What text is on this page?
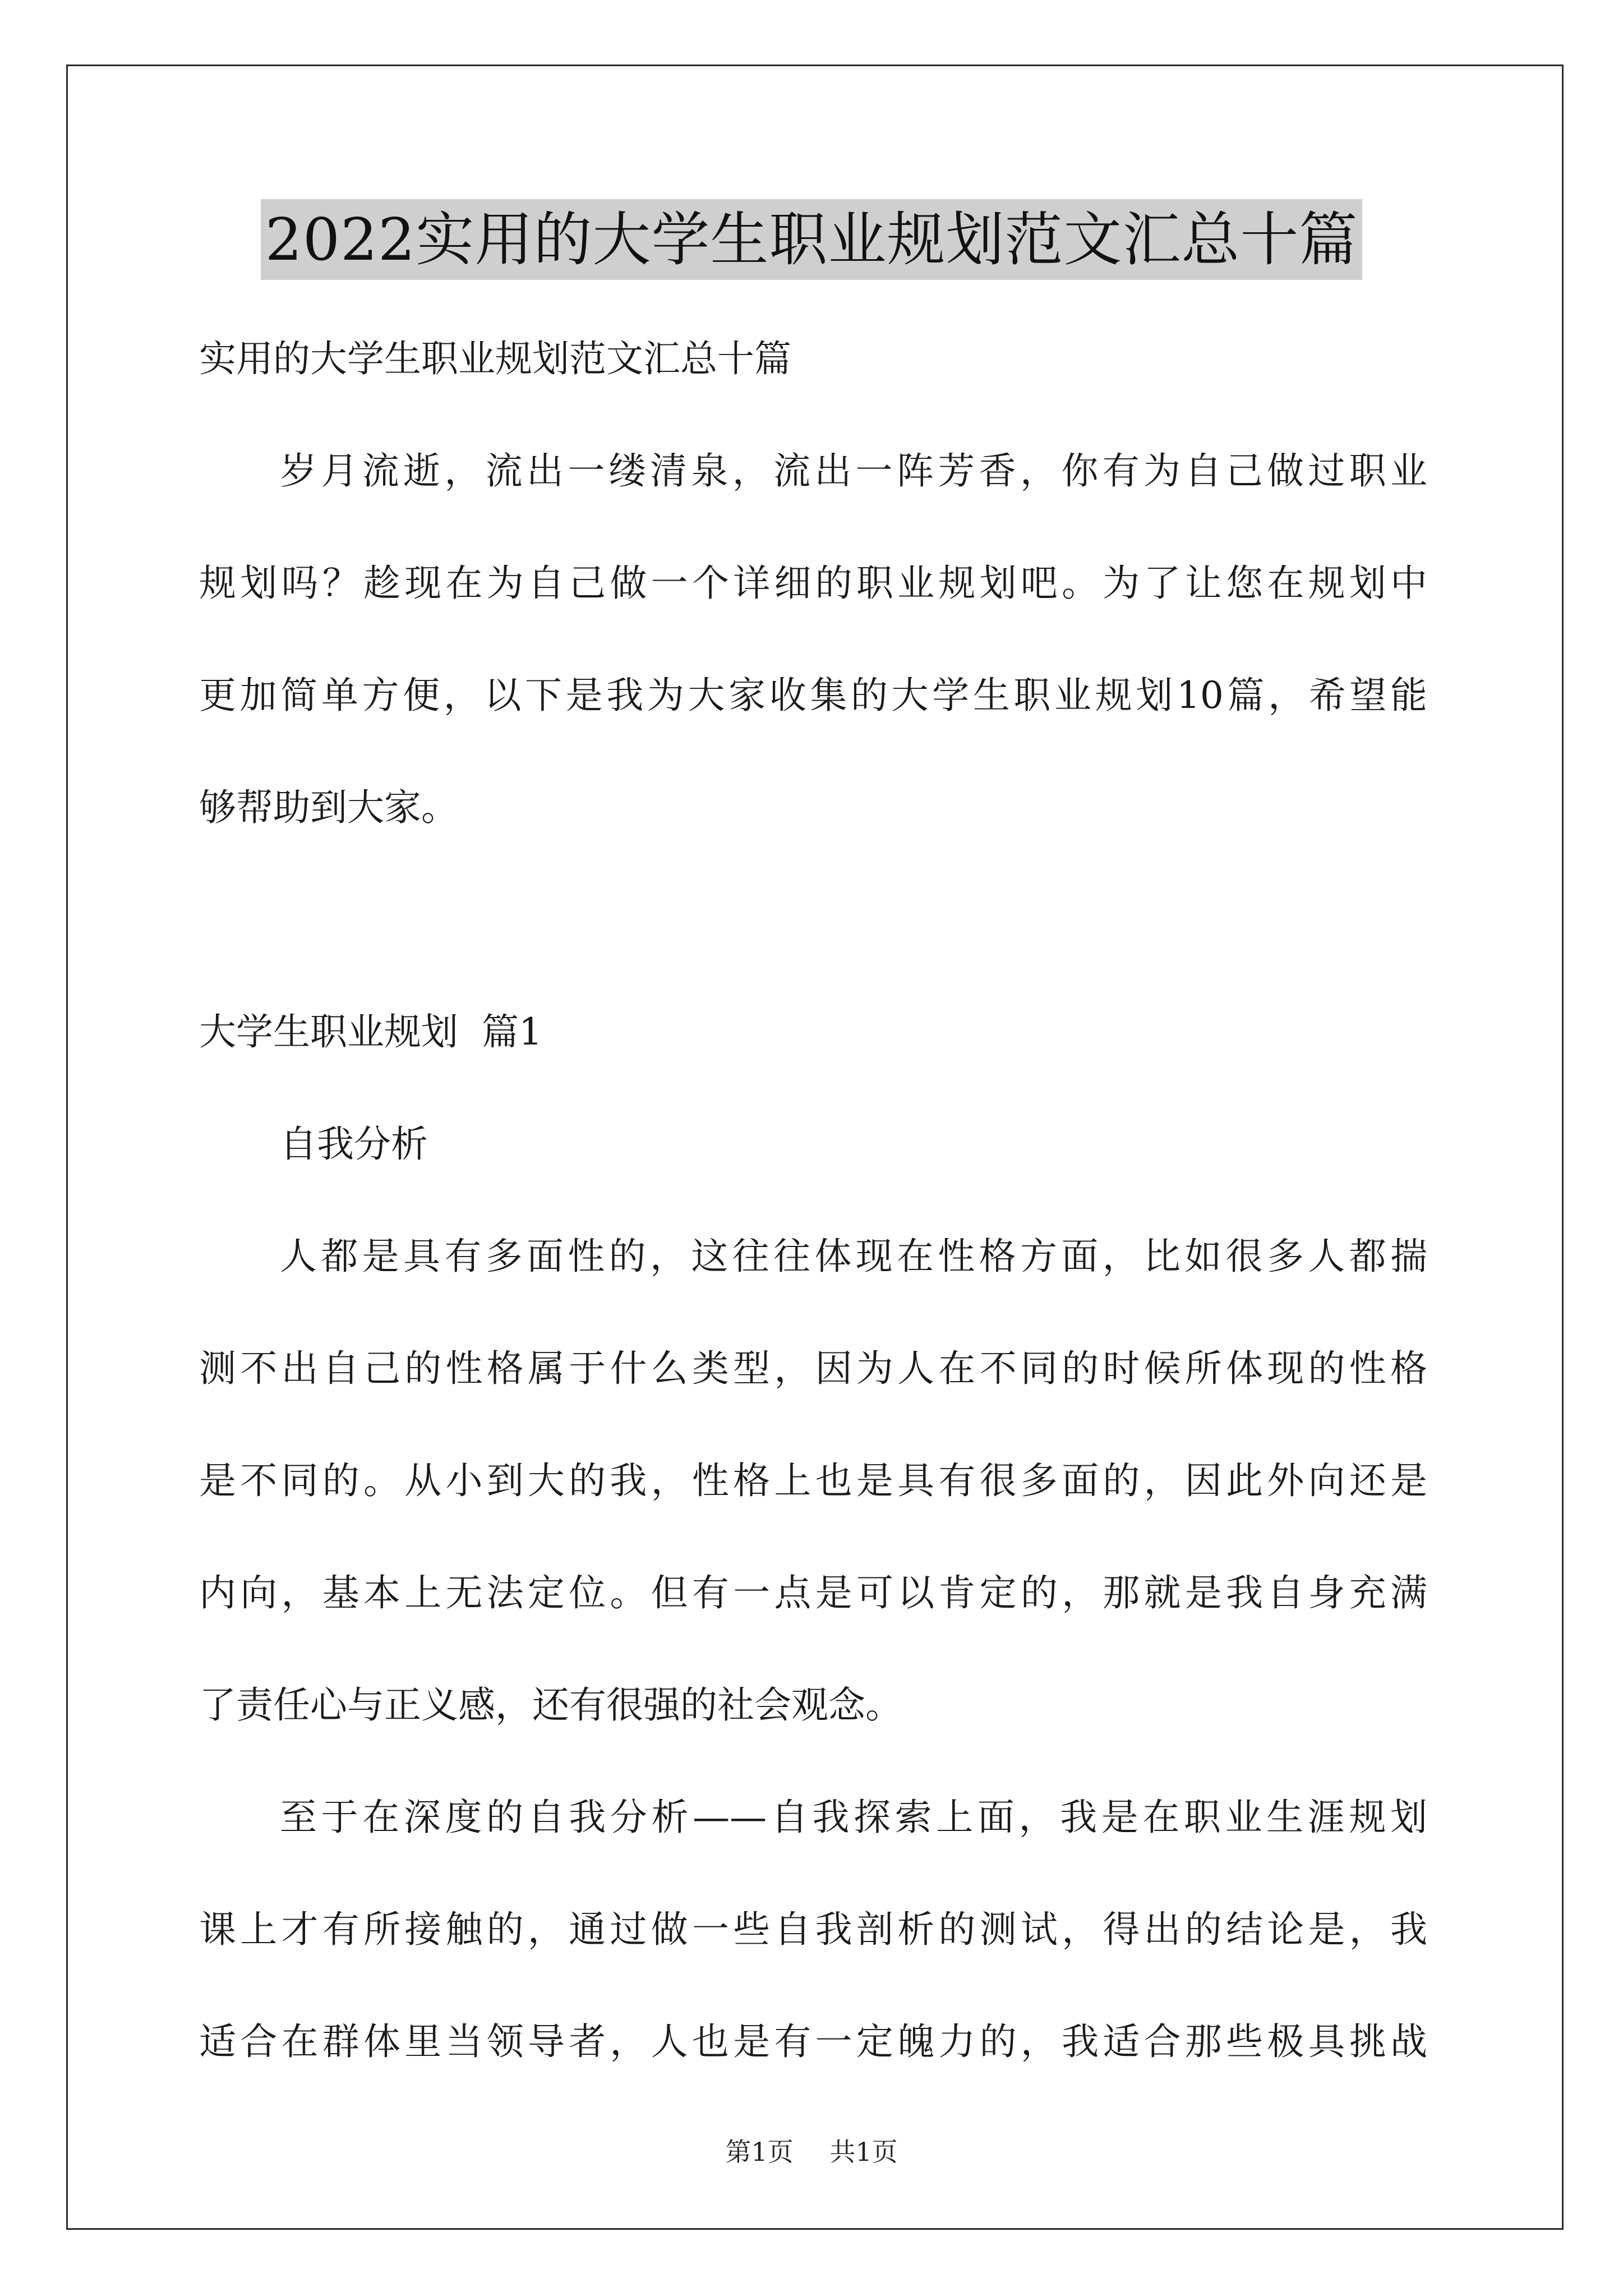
2022实用的大学生职业规划范文汇总十篇
实用的大学生职业规划范文汇总十篇
岁月流逝，流出一缕清泉，流出一阵芳香，你有为自己做过职业
规划吗？趁现在为自己做一个详细的职业规划吧。为了让您在规划中
更加简单方便，以下是我为大家收集的大学生职业规划10篇，希望能
够帮助到大家。
大学生职业规划  篇1
自我分析
人都是具有多面性的，这往往体现在性格方面，比如很多人都揣
测不出自己的性格属于什么类型，因为人在不同的时候所体现的性格
是不同的。从小到大的我，性格上也是具有很多面的，因此外向还是
内向，基本上无法定位。但有一点是可以肯定的，那就是我自身充满
了责任心与正义感，还有很强的社会观念。
至于在深度的自我分析——自我探索上面，我是在职业生涯规划
课上才有所接触的，通过做一些自我剖析的测试，得出的结论是，我
适合在群体里当领导者，人也是有一定魄力的，我适合那些极具挑战
第1页 共1页
